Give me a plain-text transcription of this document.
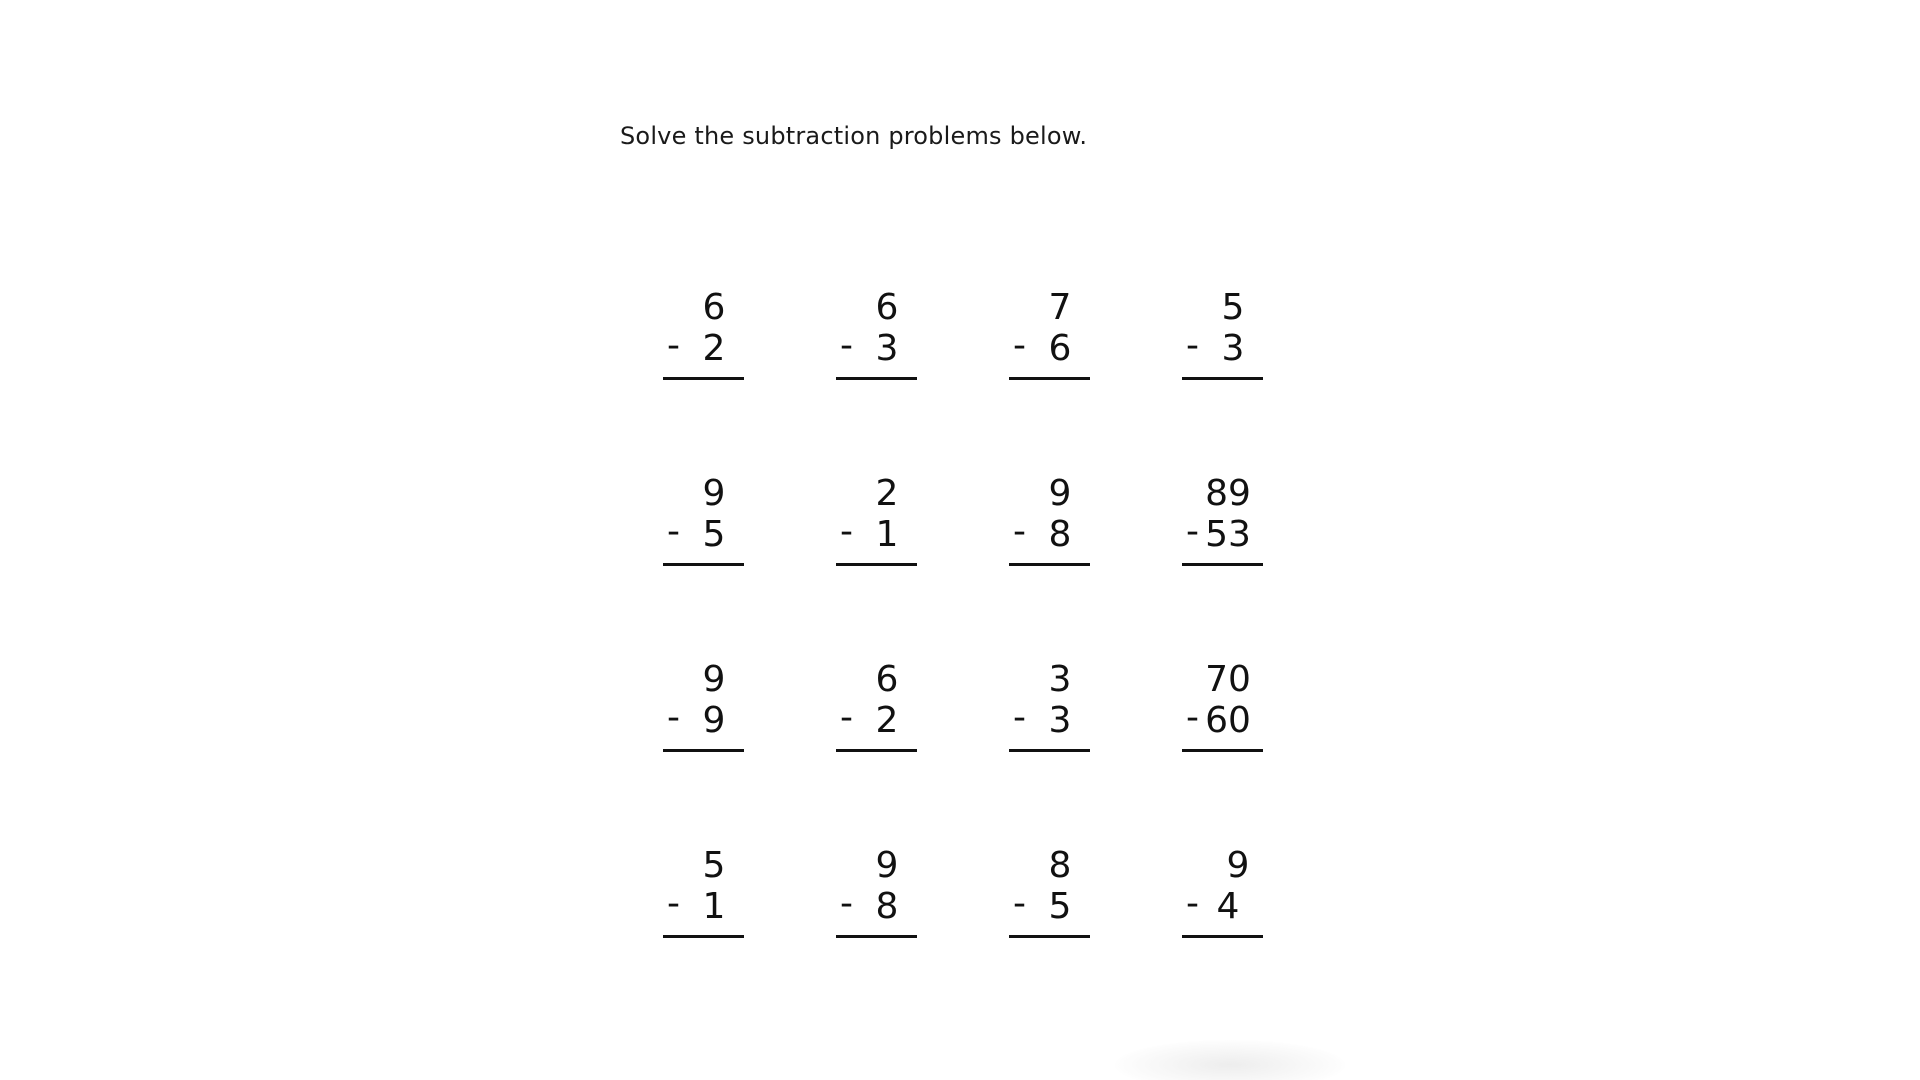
Solve the subtraction problems below.
6
- 2
6
- 3
7
- 6
5
- 3
9
- 5
2
- 1
9
- 8
89
- 53
9
- 9
6
- 2
3
- 3
70
- 60
5
- 1
9
- 8
8
- 5
9
- 4
